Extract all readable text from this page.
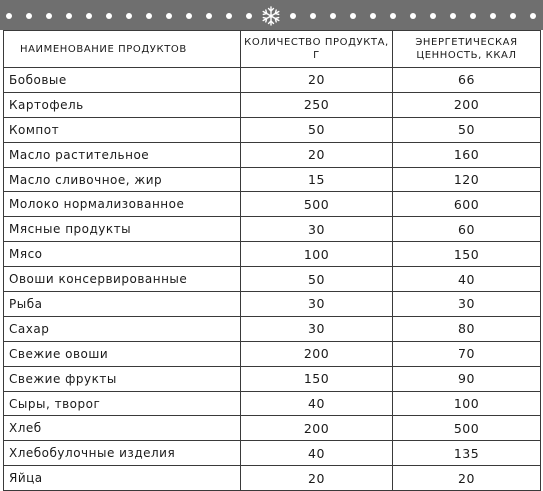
НАИМЕНОВАНИЕ ПРОДУКТОВ	КОЛИЧЕСТВО ПРОДУКТА, Г	ЭНЕРГЕТИЧЕСКАЯ ЦЕННОСТЬ, ККАЛ
Бобовые	20	66
Картофель	250	200
Компот	50	50
Масло растительное	20	160
Масло сливочное, жир	15	120
Молоко нормализованное	500	600
Мясные продукты	30	60
Мясо	100	150
Овоши консервированные	50	40
Рыба	30	30
Сахар	30	80
Свежие овоши	200	70
Свежие фрукты	150	90
Сыры, творог	40	100
Хлеб	200	500
Хлебобулочные изделия	40	135
Яйца	20	20
